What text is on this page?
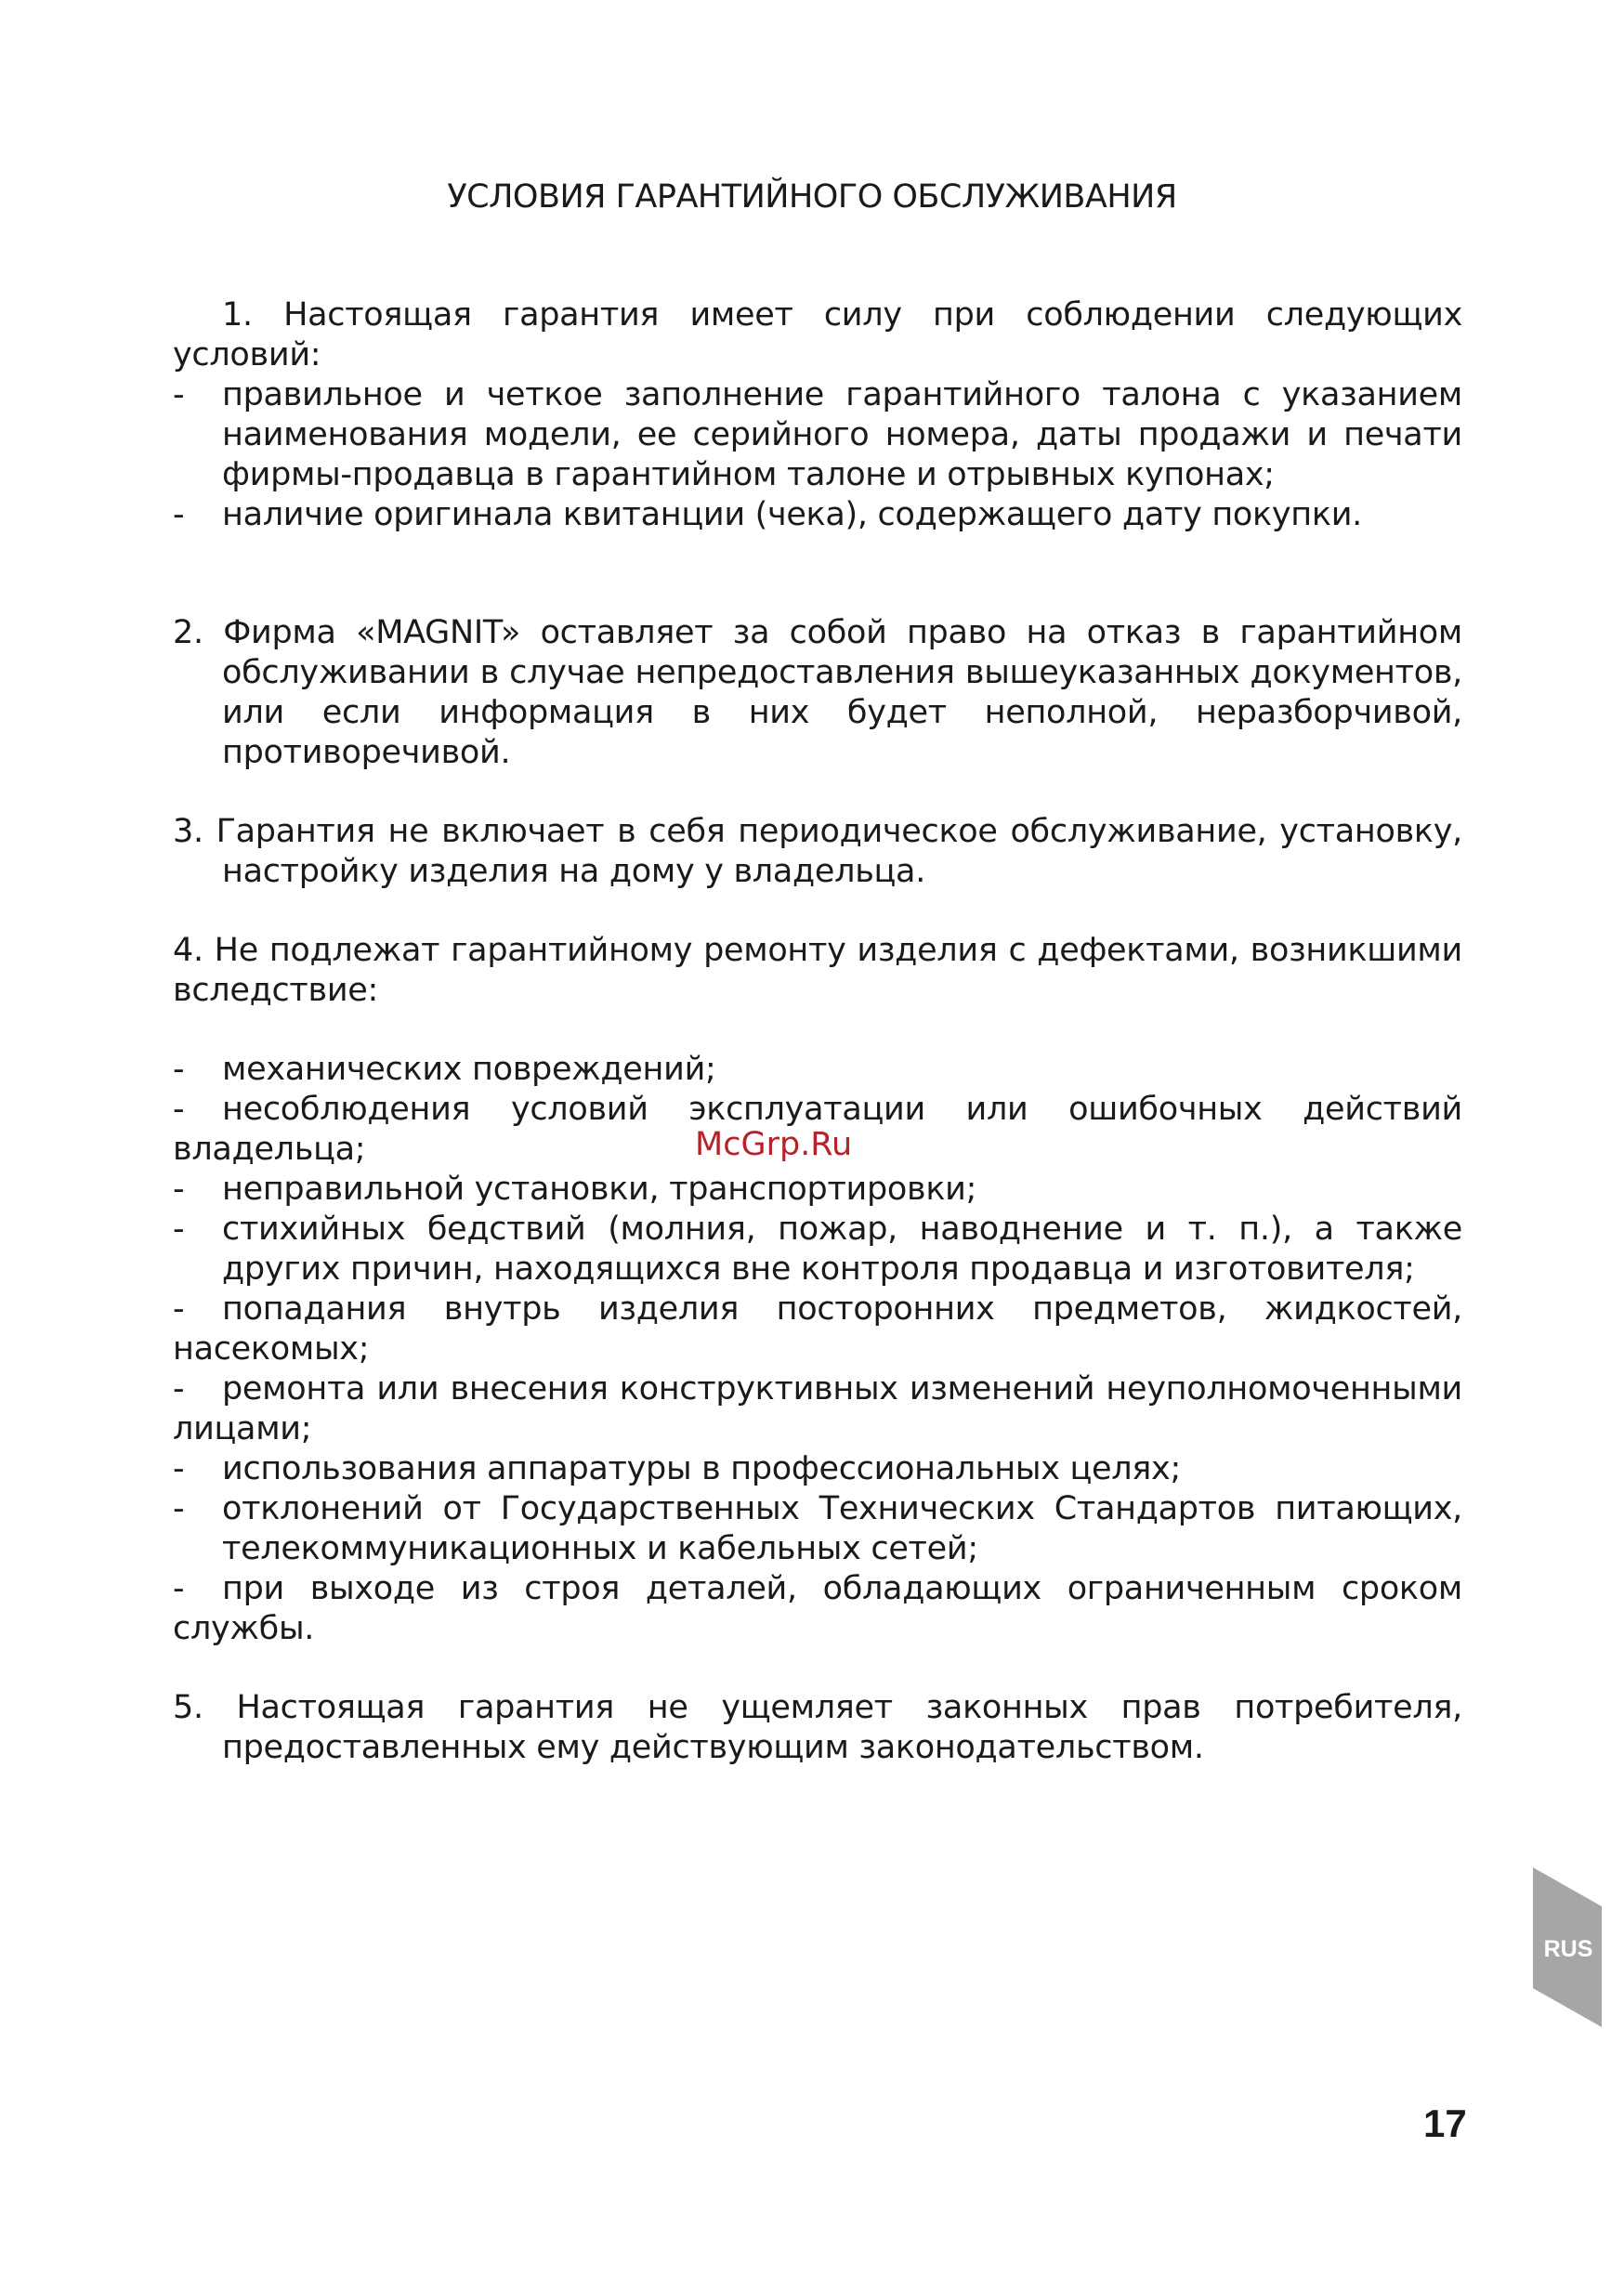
УСЛОВИЯ ГАРАНТИЙНОГО ОБСЛУЖИВАНИЯ
1. Настоящая гарантия имеет силу при соблюдении следующих условий:
- правильное и четкое заполнение гарантийного талона с указанием наименования модели, ее серийного номера, даты продажи и печати фирмы-продавца в гарантийном талоне и отрывных купонах;
- наличие оригинала квитанции (чека), содержащего дату покупки.
2. Фирма «MAGNIT» оставляет за собой право на отказ в гарантийном обслуживании в случае непредоставления вышеуказанных документов, или если информация в них будет неполной, неразборчивой, противоречивой.
3. Гарантия не включает в себя периодическое обслуживание, установку, настройку изделия на дому у владельца.
4. Не подлежат гарантийному ремонту изделия с дефектами, возникшими вследствие:
- механических повреждений;
- несоблюдения условий эксплуатации или ошибочных действий владельца;
- неправильной установки, транспортировки;
- стихийных бедствий (молния, пожар, наводнение и т. п.), а также других причин, находящихся вне контроля продавца и изготовителя;
- попадания внутрь изделия посторонних предметов, жидкостей, насекомых;
- ремонта или внесения конструктивных изменений неуполномоченными лицами;
- использования аппаратуры в профессиональных целях;
- отклонений от Государственных Технических Стандартов питающих, телекоммуникационных и кабельных сетей;
- при выходе из строя деталей, обладающих ограниченным сроком службы.
5. Настоящая гарантия не ущемляет законных прав потребителя, предоставленных ему действующим законодательством.
McGrp.Ru
RUS
17
